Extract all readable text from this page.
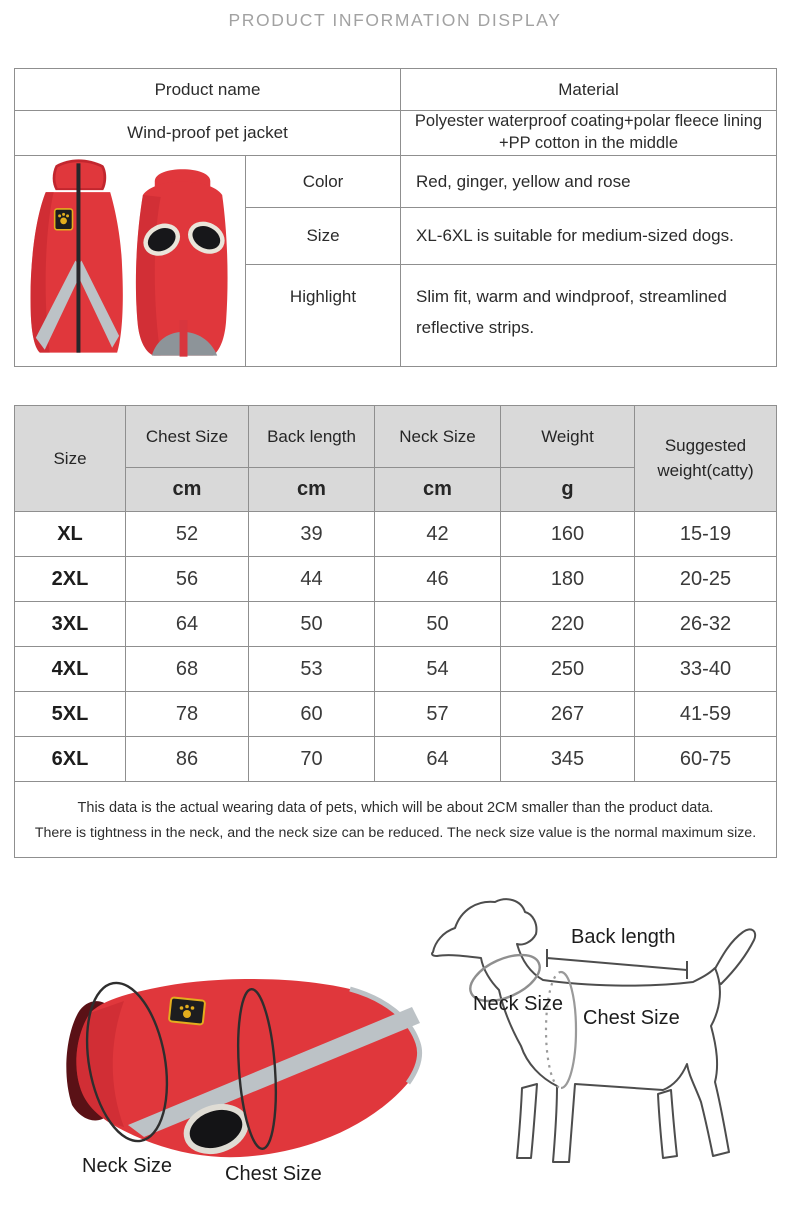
PRODUCT INFORMATION DISPLAY
Product name		Material
Wind-proof pet jacket		Polyester waterproof coating+polar fleece lining +PP cotton in the middle
	Color	Red, ginger, yellow and rose
	Size	XL-6XL is suitable for medium-sized dogs.
	Highlight	Slim fit, warm and windproof, streamlined reflective strips.
Size	Chest Size	Back length	Neck Size	Weight	Suggested weight(catty)
	cm	cm	cm	g	
XL	52	39	42	160	15-19
2XL	56	44	46	180	20-25
3XL	64	50	50	220	26-32
4XL	68	53	54	250	33-40
5XL	78	60	57	267	41-59
6XL	86	70	64	345	60-75

This data is the actual wearing data of pets, which will be about 2CM smaller than the product data.
There is tightness in the neck, and the neck size can be reduced. The neck size value is the normal maximum size.					
Neck Size	Chest Size
Back length
Neck Size
Chest Size
